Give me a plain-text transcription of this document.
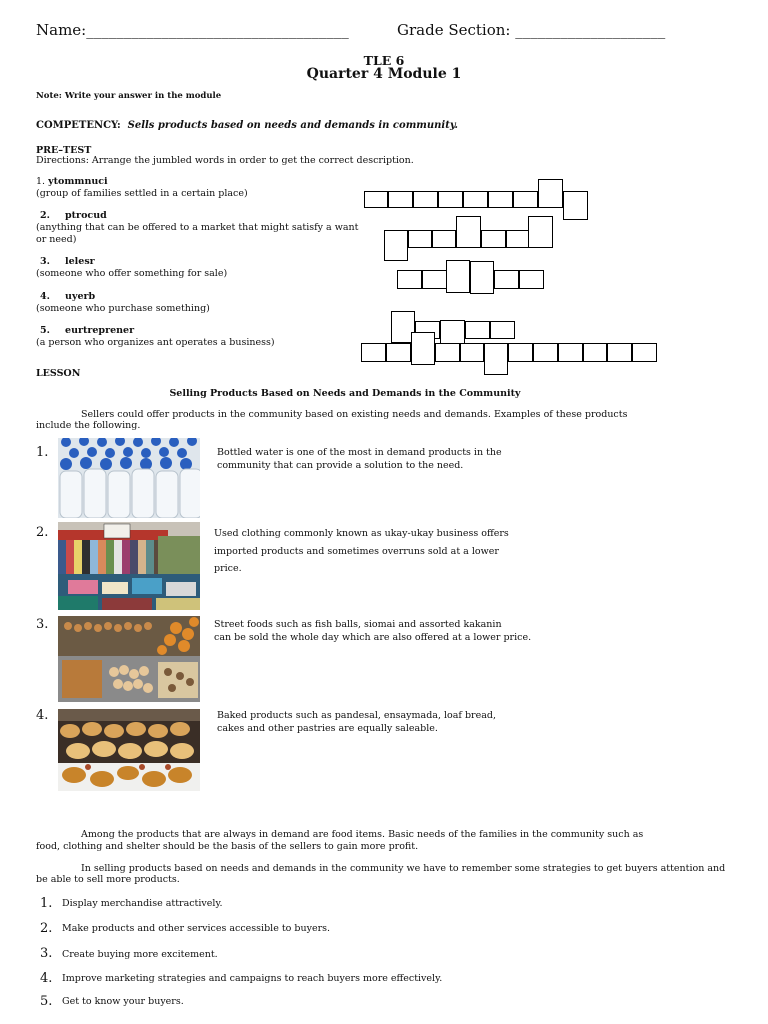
Name:___________________________________	Grade Section: ____________________
TLE 6
Quarter 4 Module 1
Note: Write your answer in the module
COMPETENCY: Sells products based on needs and demands in community.
PRE–TEST
Directions: Arrange the jumbled words in order to get the correct description.
1. ytommnuci
(group of families settled in a certain place)
2. ptrocud
(anything that can be offered to a market that might satisfy a want
or need)
3. lelesr
(someone who offer something for sale)
4. uyerb
(someone who purchase something)
5. eurtreprener
(a person who organizes ant operates a business)
LESSON
Selling Products Based on Needs and Demands in the Community
Sellers could offer products in the community based on existing needs and demands. Examples of these products
include the following.
1.	Bottled water is one of the most in demand products in the
community that can provide a solution to the need.
2.	Used clothing commonly known as ukay-ukay business offers
imported products and sometimes overruns sold at a lower
price.
3.	Street foods such as fish balls, siomai and assorted kakanin
can be sold the whole day which are also offered at a lower price.
4.	Baked products such as pandesal, ensaymada, loaf bread,
cakes and other pastries are equally saleable.
Among the products that are always in demand are food items. Basic needs of the families in the community such as
food, clothing and shelter should be the basis of the sellers to gain more profit.
In selling products based on needs and demands in the community we have to remember some strategies to get buyers attention and
be able to sell more products.
1. Display merchandise attractively.
2. Make products and other services accessible to buyers.
3. Create buying more excitement.
4. Improve marketing strategies and campaigns to reach buyers more effectively.
5. Get to know your buyers.
